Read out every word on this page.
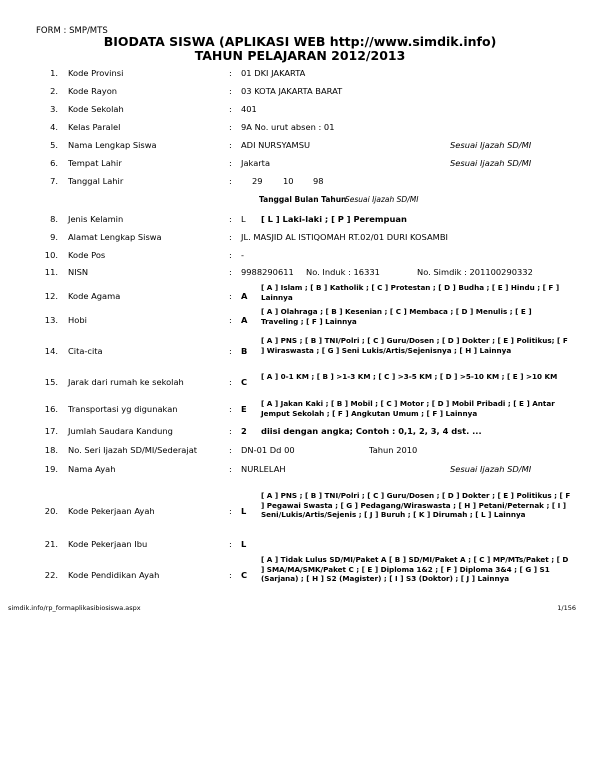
FORM : SMP/MTS
BIODATA SISWA (APLIKASI WEB http://www.simdik.info)
TAHUN PELAJARAN 2012/2013
1. Kode Provinsi	: 01 DKI JAKARTA
2. Kode Rayon	: 03 KOTA JAKARTA BARAT
3. Kode Sekolah	: 401
4. Kelas Paralel	: 9A No. urut absen : 01
5. Nama Lengkap Siswa	: ADI NURSYAMSU	Sesuai Ijazah SD/MI
6. Tempat Lahir	: Jakarta	Sesuai Ijazah SD/MI
7. Tanggal Lahir	: 29 10 98
Tanggal Bulan Tahun
Sesuai Ijazah SD/MI
8. Jenis Kelamin	: L [ L ] Laki-laki ; [ P ] Perempuan
9. Alamat Lengkap Siswa	: JL. MASJID AL ISTIQOMAH RT.02/01 DURI KOSAMBI
10. Kode Pos	: -
11. NISN	: 9988290611 No. Induk : 16331	No. Simdik : 201100290332
12. Kode Agama	: A
[ A ] Islam ; [ B ] Katholik ; [ C ] Protestan ; [ D ] Budha ; [ E ] Hindu ; [ F ] Lainnya
13. Hobi	: A
[ A ] Olahraga ; [ B ] Kesenian ; [ C ] Membaca ; [ D ] Menulis ; [ E ] Traveling ; [ F ] Lainnya
14. Cita-cita	: B
[ A ] PNS ; [ B ] TNI/Polri ; [ C ] Guru/Dosen ; [ D ] Dokter ; [ E ] Politikus; [ F ] Wiraswasta ; [ G ] Seni Lukis/Artis/Sejenisnya ; [ H ] Lainnya
15. Jarak dari rumah ke sekolah	: C
[ A ] 0-1 KM ; [ B ] >1-3 KM ; [ C ] >3-5 KM ; [ D ] >5-10 KM ; [ E ] >10 KM
16. Transportasi yg digunakan	: E
[ A ] Jakan Kaki ; [ B ] Mobil ; [ C ] Motor ; [ D ] Mobil Pribadi ; [ E ] Antar Jemput Sekolah ; [ F ] Angkutan Umum ; [ F ] Lainnya
17. Jumlah Saudara Kandung	: 2 diisi dengan angka; Contoh : 0,1, 2, 3, 4 dst. ...
18. No. Seri Ijazah SD/MI/Sederajat	: DN-01 Dd 00	Tahun 2010
19. Nama Ayah	: NURLELAH	Sesuai Ijazah SD/MI
20. Kode Pekerjaan Ayah	: L
[ A ] PNS ; [ B ] TNI/Polri ; [ C ] Guru/Dosen ; [ D ] Dokter ; [ E ] Politikus ; [ F ] Pegawai Swasta ; [ G ] Pedagang/Wiraswasta ; [ H ] Petani/Peternak ; [ I ] Seni/Lukis/Artis/Sejenis ; [ J ] Buruh ; [ K ] Dirumah ; [ L ] Lainnya
21. Kode Pekerjaan Ibu	: L
22. Kode Pendidikan Ayah	: C
[ A ] Tidak Lulus SD/MI/Paket A [ B ] SD/MI/Paket A ; [ C ] MP/MTs/Paket ; [ D ] SMA/MA/SMK/Paket C ; [ E ] Diploma 1&2 ; [ F ] Diploma 3&4 ; [ G ] S1 (Sarjana) ; [ H ] S2 (Magister) ; [ I ] S3 (Doktor) ; [ J ] Lainnya
simdik.info/rp_formaplikasibiosiswa.aspx	1/156
